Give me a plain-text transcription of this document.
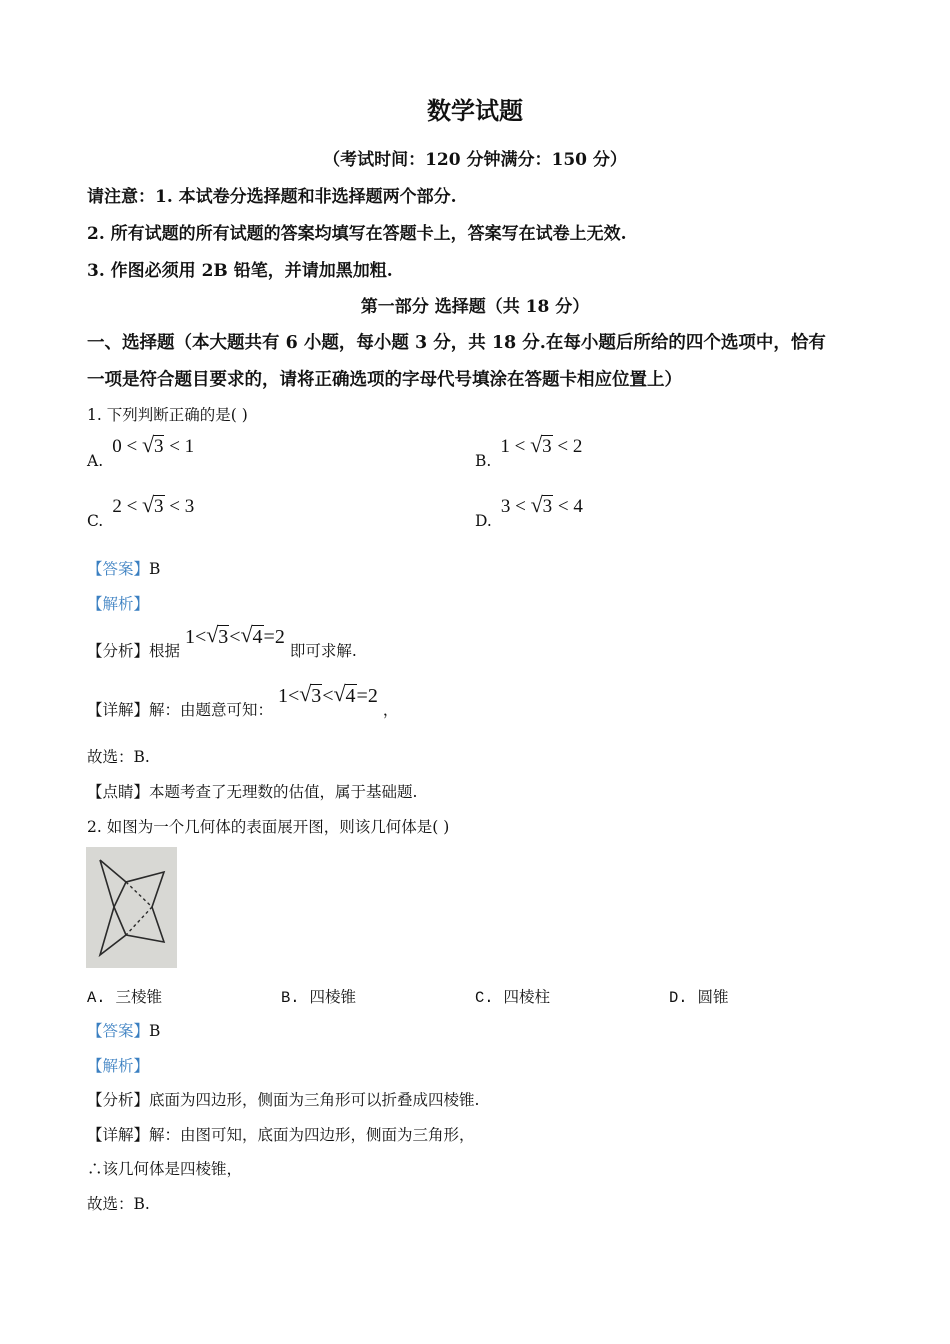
数学试题
（考试时间：120 分钟满分：150 分）
请注意：1. 本试卷分选择题和非选择题两个部分.
2. 所有试题的所有试题的答案均填写在答题卡上，答案写在试卷上无效.
3. 作图必须用 2B 铅笔，并请加黑加粗.
第一部分 选择题（共 18 分）
一、选择题（本大题共有 6 小题，每小题 3 分，共 18 分.在每小题后所给的四个选项中，恰有
一项是符合题目要求的，请将正确选项的字母代号填涂在答题卡相应位置上）
1. 下列判断正确的是( )
A. 0 < √ 3 < 1
B. 1 < √ 3 < 2
C. 2 < √ 3 < 3
D. 3 < √ 3 < 4
【答案】B
【解析】
【分析】根据 1< √ 3< √ 4=2 即可求解.
【详解】解：由题意可知： 1< √ 3< √ 4=2 ，
故选：B.
【点睛】本题考查了无理数的估值，属于基础题.
2. 如图为一个几何体的表面展开图，则该几何体是( )
A. 三棱锥	B. 四棱锥	C. 四棱柱	D. 圆锥
【答案】B
【解析】
【分析】底面为四边形，侧面为三角形可以折叠成四棱锥.
【详解】解：由图可知，底面为四边形，侧面为三角形，
∴该几何体是四棱锥，
故选：B.
